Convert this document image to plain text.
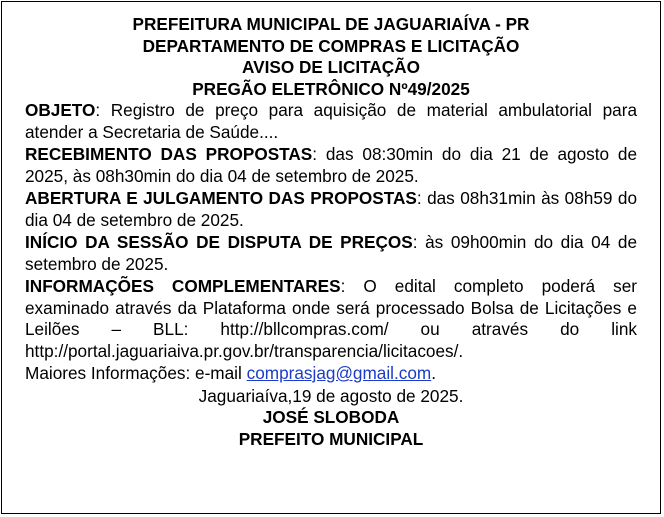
PREFEITURA MUNICIPAL DE JAGUARIAÍVA - PR
DEPARTAMENTO DE COMPRAS E LICITAÇÃO
AVISO DE LICITAÇÃO
PREGÃO ELETRÔNICO Nº49/2025
OBJETO: Registro de preço para aquisição de material ambulatorial para atender a Secretaria de Saúde....
RECEBIMENTO DAS PROPOSTAS: das 08:30min do dia 21 de agosto de 2025, às 08h30min do dia 04 de setembro de 2025.
ABERTURA E JULGAMENTO DAS PROPOSTAS: das 08h31min às 08h59 do dia 04 de setembro de 2025.
INÍCIO DA SESSÃO DE DISPUTA DE PREÇOS: às 09h00min do dia 04 de setembro de 2025.
INFORMAÇÕES COMPLEMENTARES: O edital completo poderá ser examinado através da Plataforma onde será processado Bolsa de Licitações e Leilões – BLL: http://bllcompras.com/ ou através do link http://portal.jaguariaiva.pr.gov.br/transparencia/licitacoes/.
Maiores Informações: e-mail comprasjag@gmail.com.
Jaguariaíva,19 de agosto de 2025.
JOSÉ SLOBODA
PREFEITO MUNICIPAL
